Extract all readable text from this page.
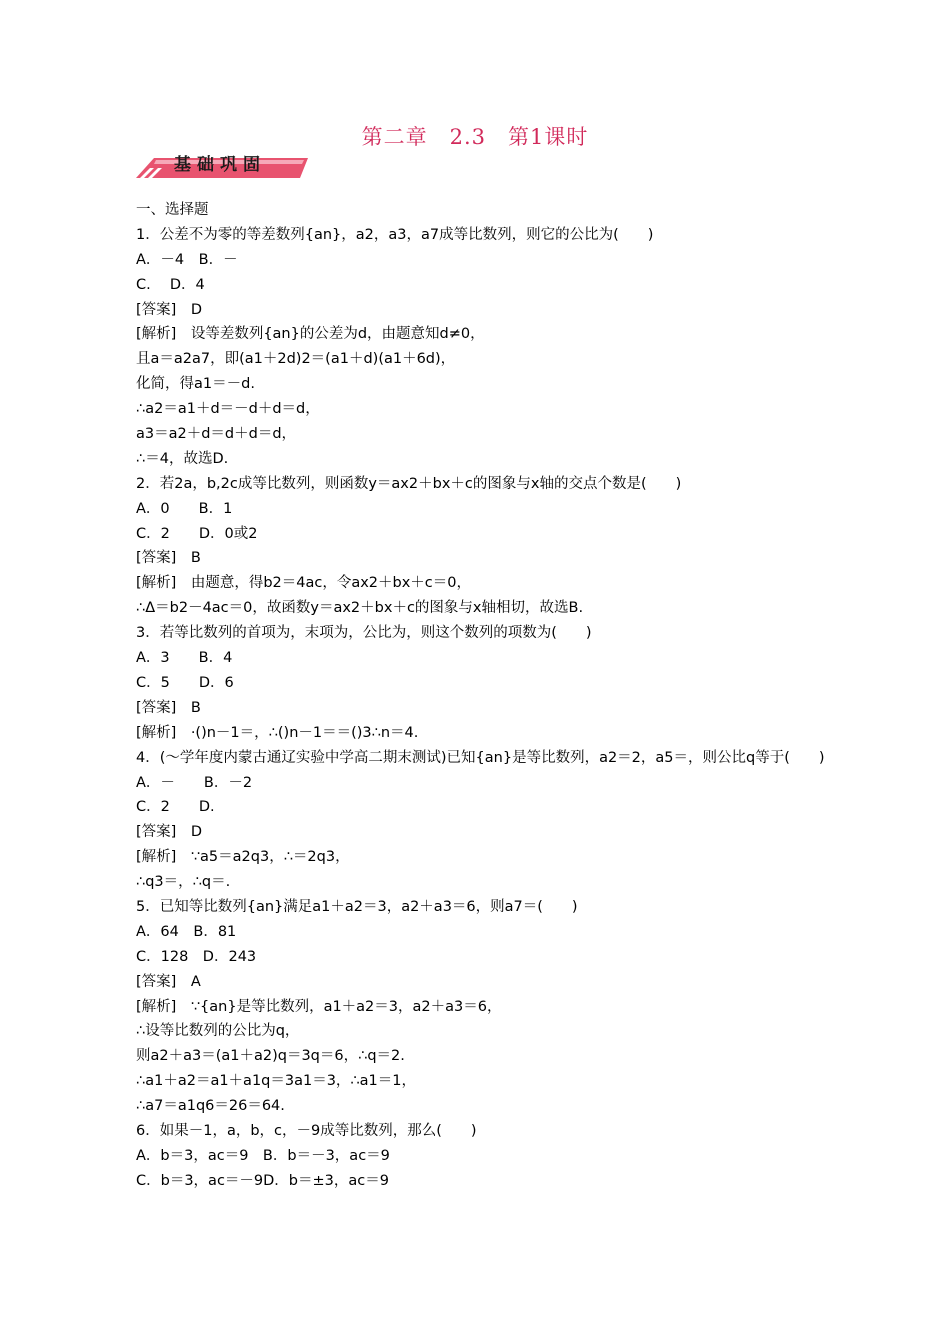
第二章　2.3　第1课时
基础巩固
一、选择题
1．公差不为零的等差数列{an}，a2，a3，a7成等比数列，则它的公比为(　　)
A．－4　B．－
C.　 D．4
[答案]　D
[解析]　设等差数列{an}的公差为d，由题意知d≠0，
且a＝a2a7，即(a1＋2d)2＝(a1＋d)(a1＋6d)，
化简，得a1＝－d.
∴a2＝a1＋d＝－d＋d＝d，
a3＝a2＋d＝d＋d＝d，
∴＝4，故选D.
2．若2a，b,2c成等比数列，则函数y＝ax2＋bx＋c的图象与x轴的交点个数是(　　)
A．0　　B．1
C．2　　D．0或2
[答案]　B
[解析]　由题意，得b2＝4ac，令ax2＋bx＋c＝0，
∴Δ＝b2－4ac＝0，故函数y＝ax2＋bx＋c的图象与x轴相切，故选B.
3．若等比数列的首项为，末项为，公比为，则这个数列的项数为(　　)
A．3　　B．4
C．5　　D．6
[答案]　B
[解析]　·()n－1＝，∴()n－1＝＝()3∴n＝4.
4．(～学年度内蒙古通辽实验中学高二期末测试)已知{an}是等比数列，a2＝2，a5＝，则公比q等于(　　)
A．－　　B．－2
C．2　　D.
[答案]　D
[解析]　∵a5＝a2q3，∴＝2q3，
∴q3＝，∴q＝.
5．已知等比数列{an}满足a1＋a2＝3，a2＋a3＝6，则a7＝(　　)
A．64　B．81
C．128　D．243
[答案]　A
[解析]　∵{an}是等比数列，a1＋a2＝3，a2＋a3＝6，
∴设等比数列的公比为q，
则a2＋a3＝(a1＋a2)q＝3q＝6，∴q＝2.
∴a1＋a2＝a1＋a1q＝3a1＝3，∴a1＝1，
∴a7＝a1q6＝26＝64.
6．如果－1，a，b，c，－9成等比数列，那么(　　)
A．b＝3，ac＝9　B．b＝－3，ac＝9
C．b＝3，ac＝－9D．b＝±3，ac＝9
